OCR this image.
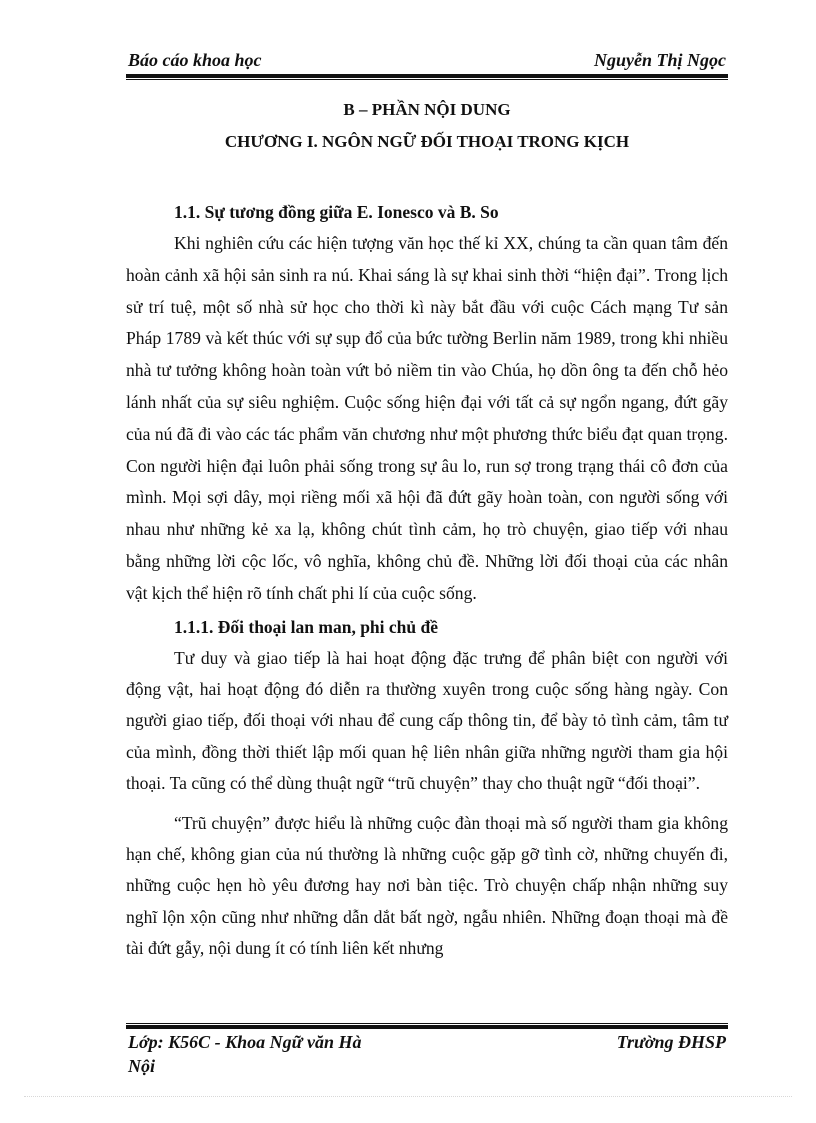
Báo cáo khoa học	Nguyễn Thị Ngọc
B – PHẦN NỘI DUNG
CHƯƠNG I. NGÔN NGỮ ĐỐI THOẠI TRONG KỊCH
1.1. Sự tương đồng giữa E. Ionesco và B. So

Khi nghiên cứu các hiện tượng văn học thế kỉ XX, chúng ta cần quan tâm đến hoàn cảnh xã hội sản sinh ra nú. Khai sáng là sự khai sinh thời “hiện đại”. Trong lịch sử trí tuệ, một số nhà sử học cho thời kì này bắt đầu với cuộc Cách mạng Tư sản Pháp 1789 và kết thúc với sự sụp đổ của bức tường Berlin năm 1989, trong khi nhiều nhà tư tưởng không hoàn toàn vứt bỏ niềm tin vào Chúa, họ dồn ông ta đến chỗ hẻo lánh nhất của sự siêu nghiệm. Cuộc sống hiện đại với tất cả sự ngổn ngang, đứt gãy của nú đã đi vào các tác phẩm văn chương như một phương thức biểu đạt quan trọng. Con người hiện đại luôn phải sống trong sự âu lo, run sợ trong trạng thái cô đơn của mình. Mọi sợi dây, mọi riềng mối xã hội đã đứt gãy hoàn toàn, con người sống với nhau như những kẻ xa lạ, không chút tình cảm, họ trò chuyện, giao tiếp với nhau bằng những lời cộc lốc, vô nghĩa, không chủ đề. Những lời đối thoại của các nhân vật kịch thể hiện rõ tính chất phi lí của cuộc sống.

1.1.1. Đối thoại lan man, phi chủ đề

Tư duy và giao tiếp là hai hoạt động đặc trưng để phân biệt con người với động vật, hai hoạt động đó diễn ra thường xuyên trong cuộc sống hàng ngày. Con người giao tiếp, đối thoại với nhau để cung cấp thông tin, để bày tỏ tình cảm, tâm tư của mình, đồng thời thiết lập mối quan hệ liên nhân giữa những người tham gia hội thoại. Ta cũng có thể dùng thuật ngữ “trũ chuyện” thay cho thuật ngữ “đối thoại”.

“Trũ chuyện” được hiểu là những cuộc đàn thoại mà số người tham gia không hạn chế, không gian của nú thường là những cuộc gặp gỡ tình cờ, những chuyến đi, những cuộc hẹn hò yêu đương hay nơi bàn tiệc. Trò chuyện chấp nhận những suy nghĩ lộn xộn cũng như những dẫn dắt bất ngờ, ngẫu nhiên. Những đoạn thoại mà đề tài đứt gẫy, nội dung ít có tính liên kết nhưng

Lớp: K56C - Khoa Ngữ văn Hà Nội
Trường ĐHSP
